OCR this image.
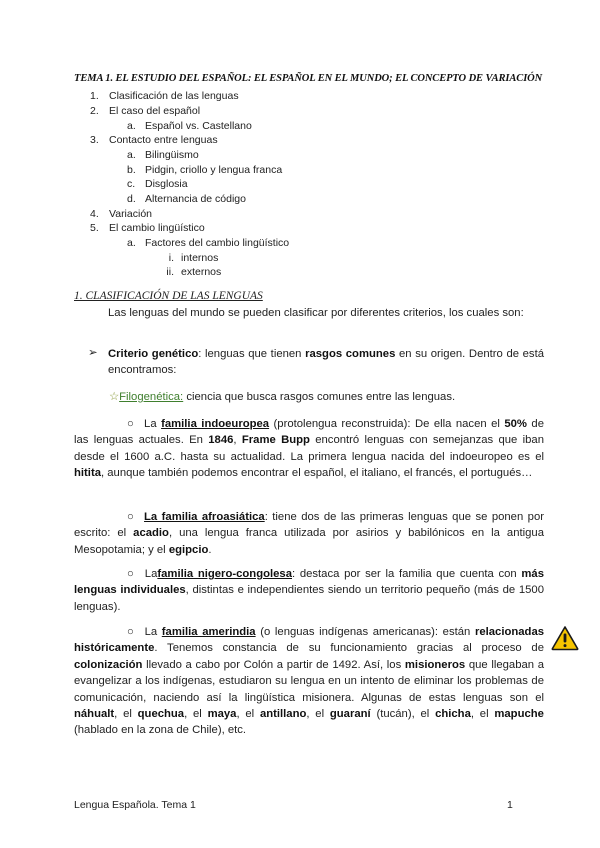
TEMA 1. EL ESTUDIO DEL ESPAÑOL: EL ESPAÑOL EN EL MUNDO; EL CONCEPTO DE VARIACIÓN
1. Clasificación de las lenguas
2. El caso del español
a. Español vs. Castellano
3. Contacto entre lenguas
a. Bilingüismo
b. Pidgin, criollo y lengua franca
c. Disglosia
d. Alternancia de código
4. Variación
5. El cambio lingüístico
a. Factores del cambio lingüístico
i. internos
ii. externos
1. CLASIFICACIÓN DE LAS LENGUAS
Las lenguas del mundo se pueden clasificar por diferentes criterios, los cuales son:
➢ Criterio genético: lenguas que tienen rasgos comunes en su origen. Dentro de está encontramos:
☆Filogenética: ciencia que busca rasgos comunes entre las lenguas.
○ La familia indoeuropea (protolengua reconstruida): De ella nacen el 50% de las lenguas actuales. En 1846, Frame Bupp encontró lenguas con semejanzas que iban desde el 1600 a.C. hasta su actualidad. La primera lengua nacida del indoeuropeo es el hitita, aunque también podemos encontrar el español, el italiano, el francés, el portugués…
○ La familia afroasiática: tiene dos de las primeras lenguas que se ponen por escrito: el acadio, una lengua franca utilizada por asirios y babilónicos en la antigua Mesopotamia; y el egipcio.
○ Lafamilia nigero-congolesa: destaca por ser la familia que cuenta con más lenguas individuales, distintas e independientes siendo un territorio pequeño (más de 1500 lenguas).
○ La familia amerindia (o lenguas indígenas americanas): están relacionadas históricamente. Tenemos constancia de su funcionamiento gracias al proceso de colonización llevado a cabo por Colón a partir de 1492. Así, los misioneros que llegaban a evangelizar a los indígenas, estudiaron su lengua en un intento de eliminar los problemas de comunicación, naciendo así la lingüística misionera. Algunas de estas lenguas son el náhualt, el quechua, el maya, el antillano, el guaraní (tucán), el chicha, el mapuche (hablado en la zona de Chile), etc.
Lengua Española. Tema 1	1
